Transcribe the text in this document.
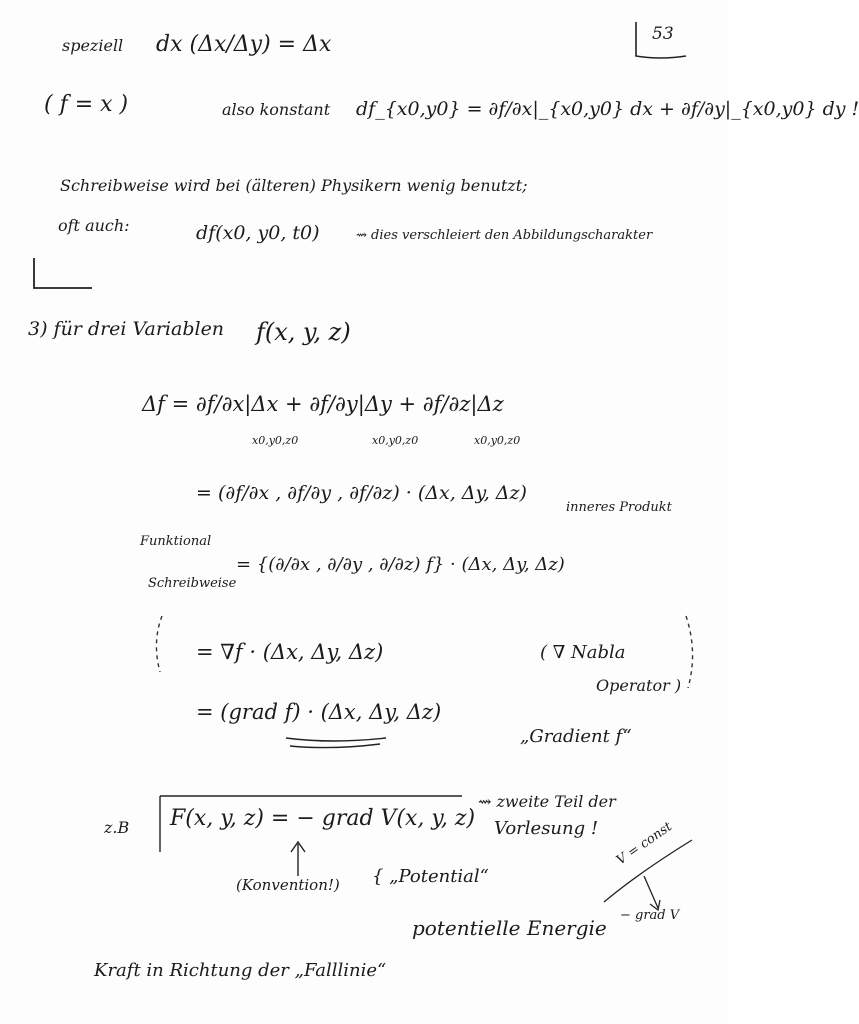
53
speziell dx (Δx/Δy) = Δx
( f = x )	also konstant df_{x0,y0} = ∂f/∂x|_{x0,y0} dx + ∂f/∂y|_{x0,y0} dy !
Schreibweise wird bei (älteren) Physikern wenig benutzt;
oft auch:	df(x0, y0, t0)	⇝ dies verschleiert den Abbildungscharakter
3) für drei Variablen f(x, y, z)
Δf = ∂f/∂x|Δx + ∂f/∂y|Δy + ∂f/∂z|Δz
x0,y0,z0	x0,y0,z0	x0,y0,z0
= (∂f/∂x , ∂f/∂y , ∂f/∂z) · (Δx, Δy, Δz)
inneres Produkt
Funktional
Schreibweise
= {(∂/∂x , ∂/∂y , ∂/∂z) f} · (Δx, Δy, Δz)
= ∇f · (Δx, Δy, Δz)	( ∇ Nabla
Operator )
= (grad f) · (Δx, Δy, Δz)
„Gradient f“
z.B F(x, y, z) = − grad V(x, y, z)
⇝ zweite Teil der
Vorlesung !
(Konvention!) { „Potential“
potentielle Energie
V = const
− grad V
Kraft in Richtung der „Falllinie“
